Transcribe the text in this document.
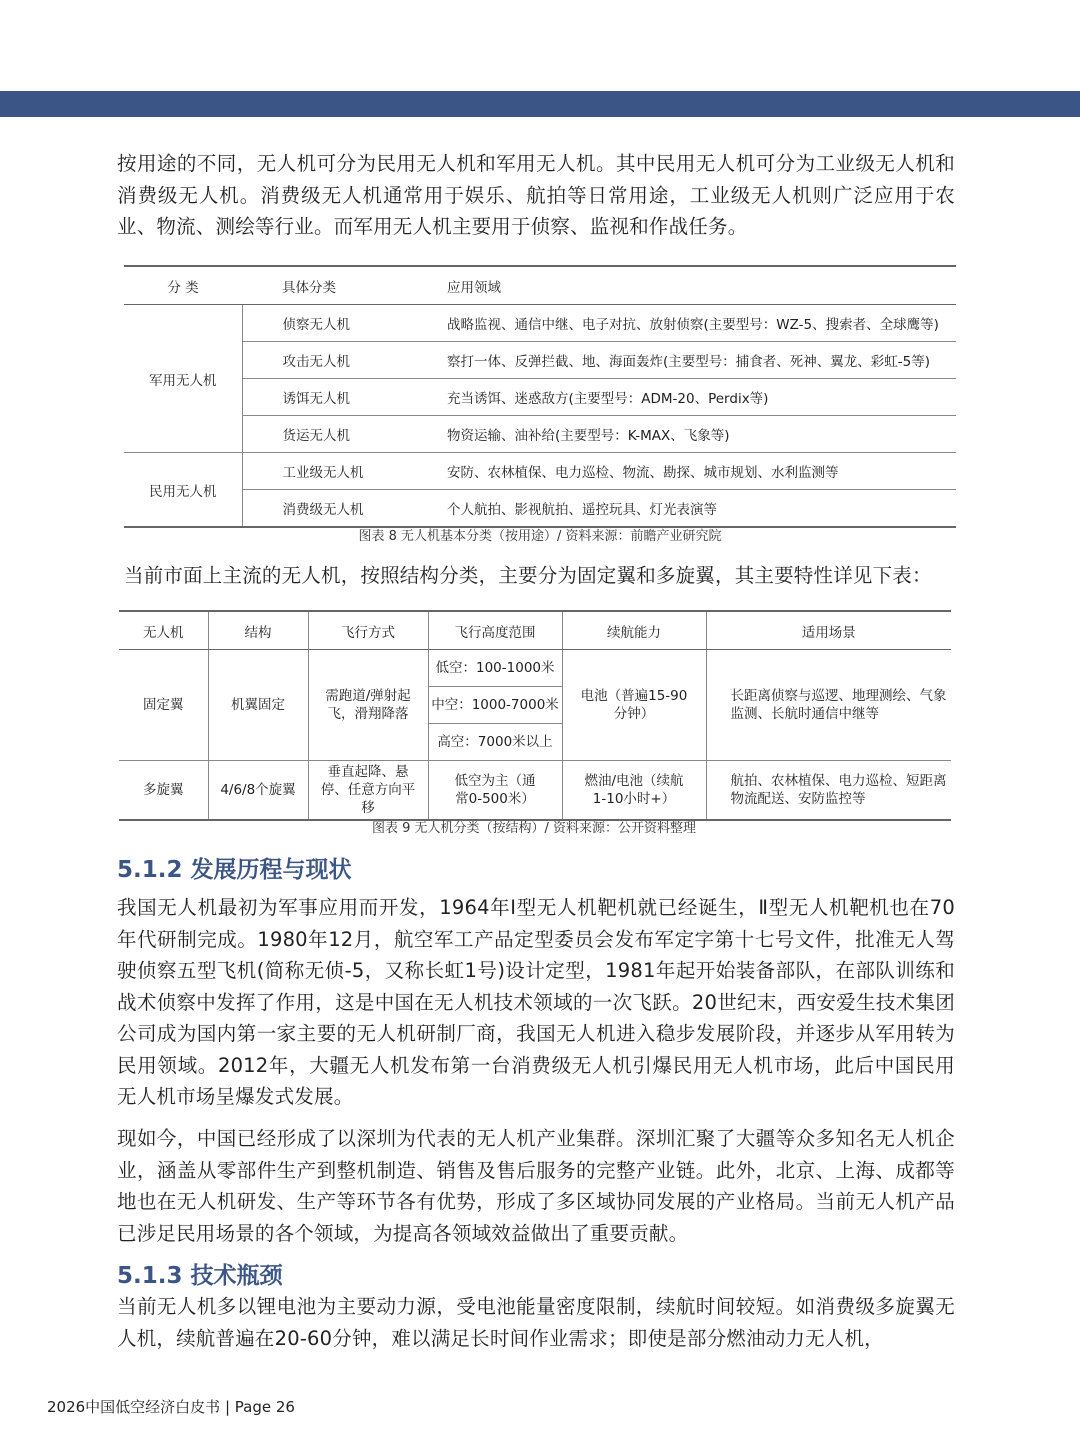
按用途的不同，无人机可分为民用无人机和军用无人机。其中民用无人机可分为工业级无人机和消费级无人机。消费级无人机通常用于娱乐、航拍等日常用途，工业级无人机则广泛应用于农业、物流、测绘等行业。而军用无人机主要用于侦察、监视和作战任务。

分 类	具体分类	应用领域
军用无人机	侦察无人机	战略监视、通信中继、电子对抗、放射侦察(主要型号：WZ-5、搜索者、全球鹰等)
	攻击无人机	察打一体、反弹拦截、地、海面轰炸(主要型号：捕食者、死神、翼龙、彩虹-5等)
	诱饵无人机	充当诱饵、迷惑敌方(主要型号：ADM-20、Perdix等)
	货运无人机	物资运输、油补给(主要型号：K-MAX、飞象等)
民用无人机	工业级无人机	安防、农林植保、电力巡检、物流、勘探、城市规划、水利监测等
	消费级无人机	个人航拍、影视航拍、遥控玩具、灯光表演等
图表 8 无人机基本分类（按用途）/ 资料来源：前瞻产业研究院

当前市面上主流的无人机，按照结构分类，主要分为固定翼和多旋翼，其主要特性详见下表：

无人机	结构	飞行方式	飞行高度范围	续航能力	适用场景
固定翼	机翼固定	需跑道/弹射起飞，滑翔降落	低空：100-1000米	电池（普遍15-90分钟）	长距离侦察与巡逻、地理测绘、气象监测、长航时通信中继等
			中空：1000-7000米		
			高空：7000米以上		
多旋翼	4/6/8个旋翼	垂直起降、悬停、任意方向平移	低空为主（通常0-500米）	燃油/电池（续航1-10小时+）	航拍、农林植保、电力巡检、短距离物流配送、安防监控等
图表 9 无人机分类（按结构）/ 资料来源：公开资料整理
5.1.2 发展历程与现状

我国无人机最初为军事应用而开发，1964年Ⅰ型无人机靶机就已经诞生，Ⅱ型无人机靶机也在70年代研制完成。1980年12月，航空军工产品定型委员会发布军定字第十七号文件，批准无人驾驶侦察五型飞机(简称无侦-5，又称长虹1号)设计定型，1981年起开始装备部队，在部队训练和战术侦察中发挥了作用，这是中国在无人机技术领域的一次飞跃。20世纪末，西安爱生技术集团公司成为国内第一家主要的无人机研制厂商，我国无人机进入稳步发展阶段，并逐步从军用转为民用领域。2012年，大疆无人机发布第一台消费级无人机引爆民用无人机市场，此后中国民用无人机市场呈爆发式发展。

现如今，中国已经形成了以深圳为代表的无人机产业集群。深圳汇聚了大疆等众多知名无人机企业，涵盖从零部件生产到整机制造、销售及售后服务的完整产业链。此外，北京、上海、成都等地也在无人机研发、生产等环节各有优势，形成了多区域协同发展的产业格局。当前无人机产品已涉足民用场景的各个领域，为提高各领域效益做出了重要贡献。

5.1.3 技术瓶颈

当前无人机多以锂电池为主要动力源，受电池能量密度限制，续航时间较短。如消费级多旋翼无人机，续航普遍在20-60分钟，难以满足长时间作业需求；即使是部分燃油动力无人机，

2026中国低空经济白皮书 | Page 26
